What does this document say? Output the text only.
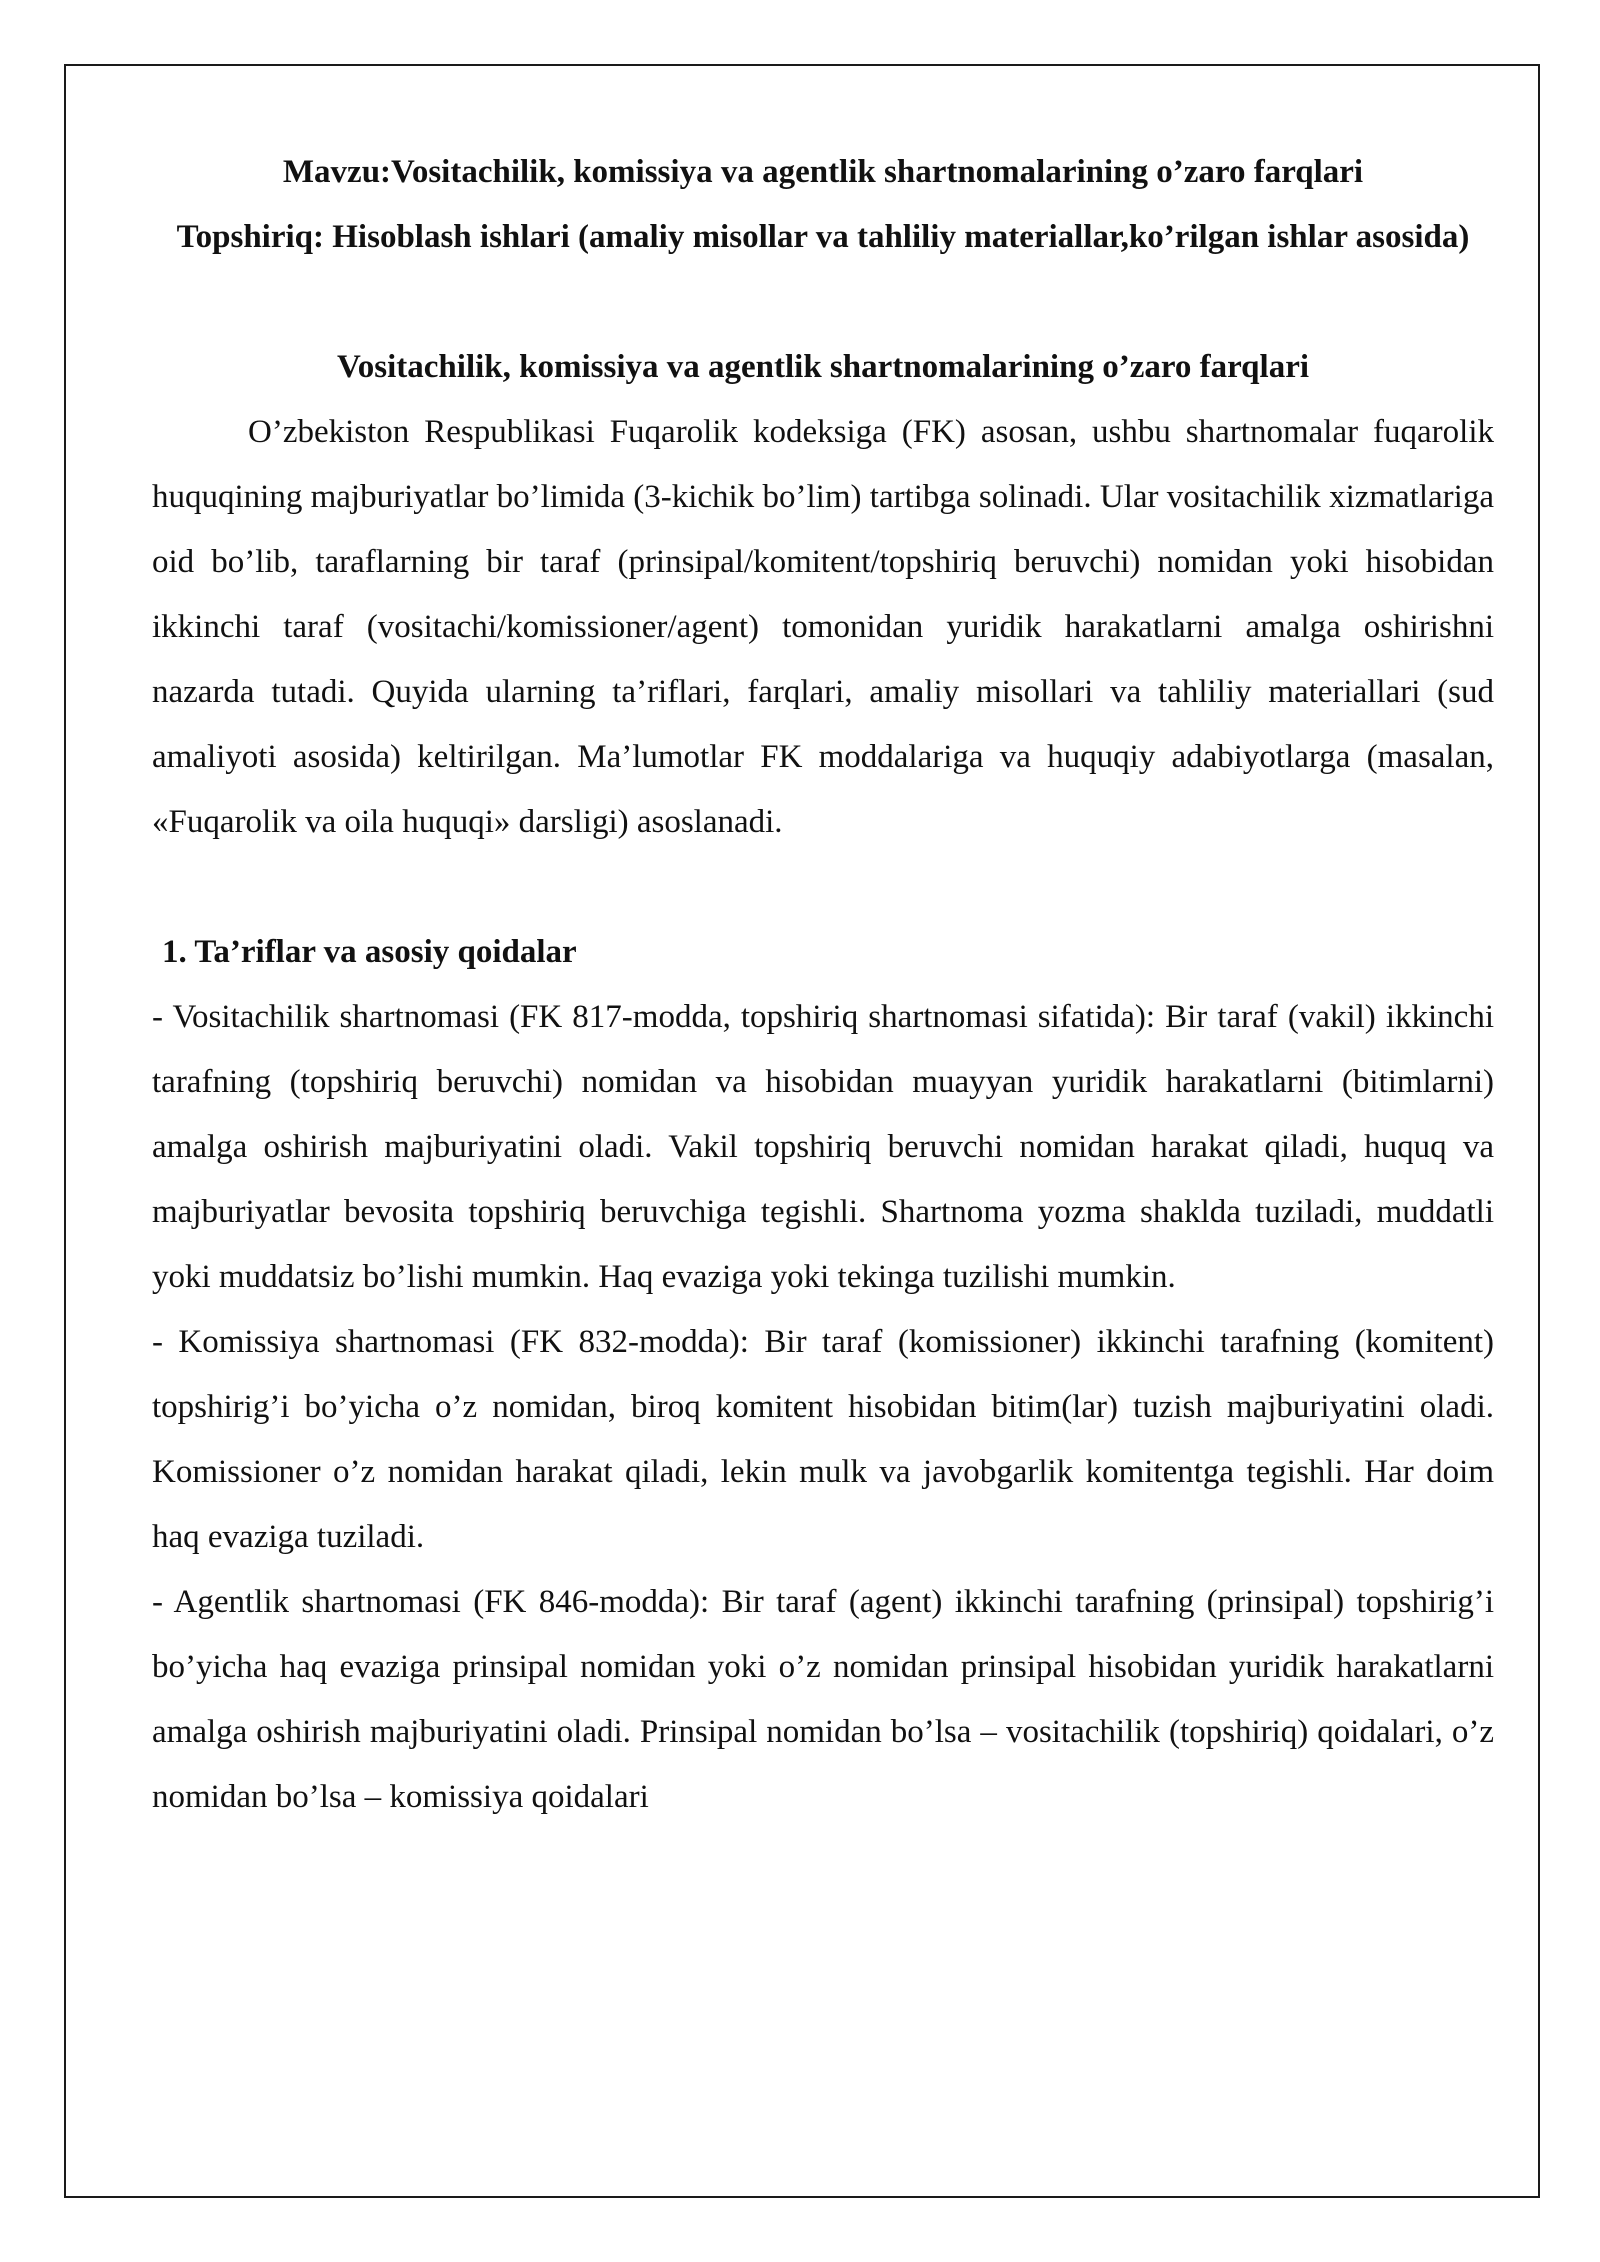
Mavzu:Vositachilik, komissiya va agentlik shartnomalarining o’zaro farqlari

Topshiriq: Hisoblash ishlari (amaliy misollar va tahliliy materiallar,ko’rilgan ishlar asosida)

Vositachilik, komissiya va agentlik shartnomalarining o’zaro farqlari

O’zbekiston Respublikasi Fuqarolik kodeksiga (FK) asosan, ushbu shartnomalar fuqarolik huquqining majburiyatlar bo’limida (3-kichik bo’lim) tartibga solinadi. Ular vositachilik xizmatlariga oid bo’lib, taraflarning bir taraf (prinsipal/komitent/topshiriq beruvchi) nomidan yoki hisobidan ikkinchi taraf (vositachi/komissioner/agent) tomonidan yuridik harakatlarni amalga oshirishni nazarda tutadi. Quyida ularning ta’riflari, farqlari, amaliy misollari va tahliliy materiallari (sud amaliyoti asosida) keltirilgan. Ma’lumotlar FK moddalariga va huquqiy adabiyotlarga (masalan, «Fuqarolik va oila huquqi» darsligi) asoslanadi.

1. Ta’riflar va asosiy qoidalar

- Vositachilik shartnomasi (FK 817-modda, topshiriq shartnomasi sifatida): Bir taraf (vakil) ikkinchi tarafning (topshiriq beruvchi) nomidan va hisobidan muayyan yuridik harakatlarni (bitimlarni) amalga oshirish majburiyatini oladi. Vakil topshiriq beruvchi nomidan harakat qiladi, huquq va majburiyatlar bevosita topshiriq beruvchiga tegishli. Shartnoma yozma shaklda tuziladi, muddatli yoki muddatsiz bo’lishi mumkin. Haq evaziga yoki tekinga tuzilishi mumkin.

- Komissiya shartnomasi (FK 832-modda): Bir taraf (komissioner) ikkinchi tarafning (komitent) topshirig’i bo’yicha o’z nomidan, biroq komitent hisobidan bitim(lar) tuzish majburiyatini oladi. Komissioner o’z nomidan harakat qiladi, lekin mulk va javobgarlik komitentga tegishli. Har doim haq evaziga tuziladi.

- Agentlik shartnomasi (FK 846-modda): Bir taraf (agent) ikkinchi tarafning (prinsipal) topshirig’i bo’yicha haq evaziga prinsipal nomidan yoki o’z nomidan prinsipal hisobidan yuridik harakatlarni amalga oshirish majburiyatini oladi. Prinsipal nomidan bo’lsa – vositachilik (topshiriq) qoidalari, o’z nomidan bo’lsa – komissiya qoidalari
